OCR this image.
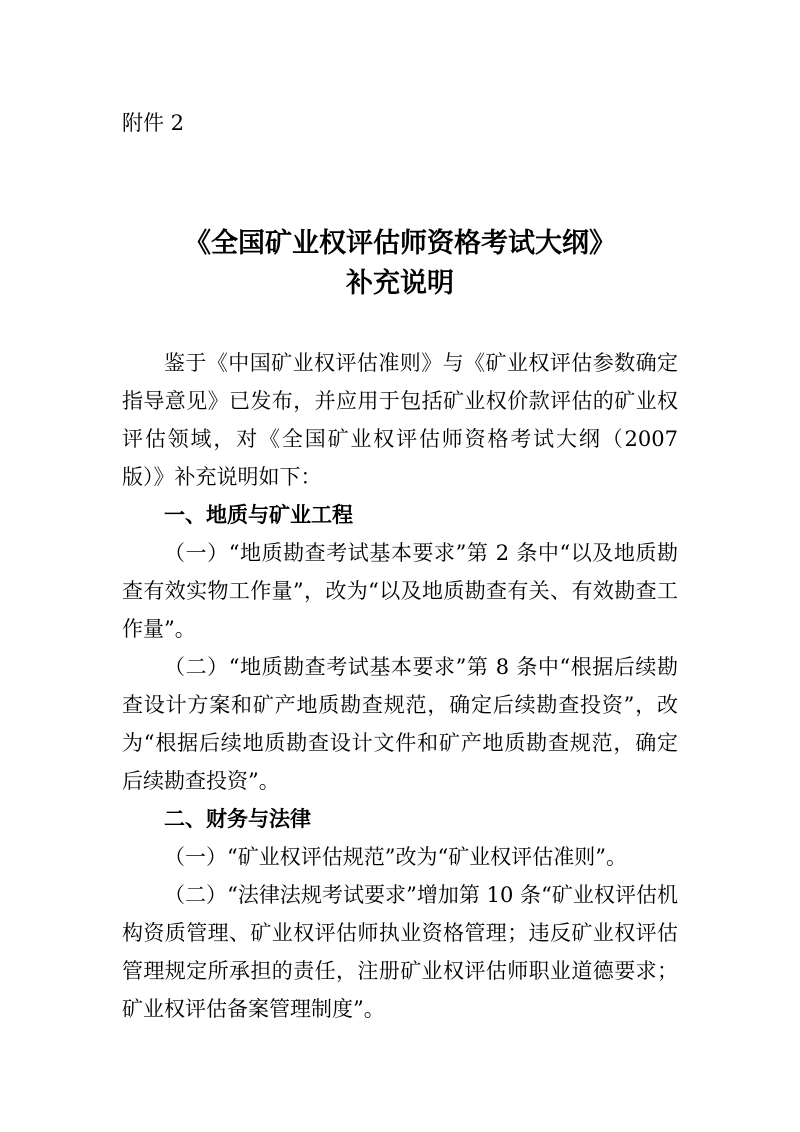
附件 2
《全国矿业权评估师资格考试大纲》
补充说明

鉴于《中国矿业权评估准则》与《矿业权评估参数确定指导意见》已发布，并应用于包括矿业权价款评估的矿业权评估领域，对《全国矿业权评估师资格考试大纲（2007 版）》补充说明如下：

一、地质与矿业工程

（一）“地质勘查考试基本要求”第 2 条中“以及地质勘查有效实物工作量”，改为“以及地质勘查有关、有效勘查工作量”。

（二）“地质勘查考试基本要求”第 8 条中“根据后续勘查设计方案和矿产地质勘查规范，确定后续勘查投资”，改为“根据后续地质勘查设计文件和矿产地质勘查规范，确定后续勘查投资”。

二、财务与法律

（一）“矿业权评估规范”改为“矿业权评估准则”。

（二）“法律法规考试要求”增加第 10 条“矿业权评估机构资质管理、矿业权评估师执业资格管理；违反矿业权评估管理规定所承担的责任，注册矿业权评估师职业道德要求；矿业权评估备案管理制度”。
